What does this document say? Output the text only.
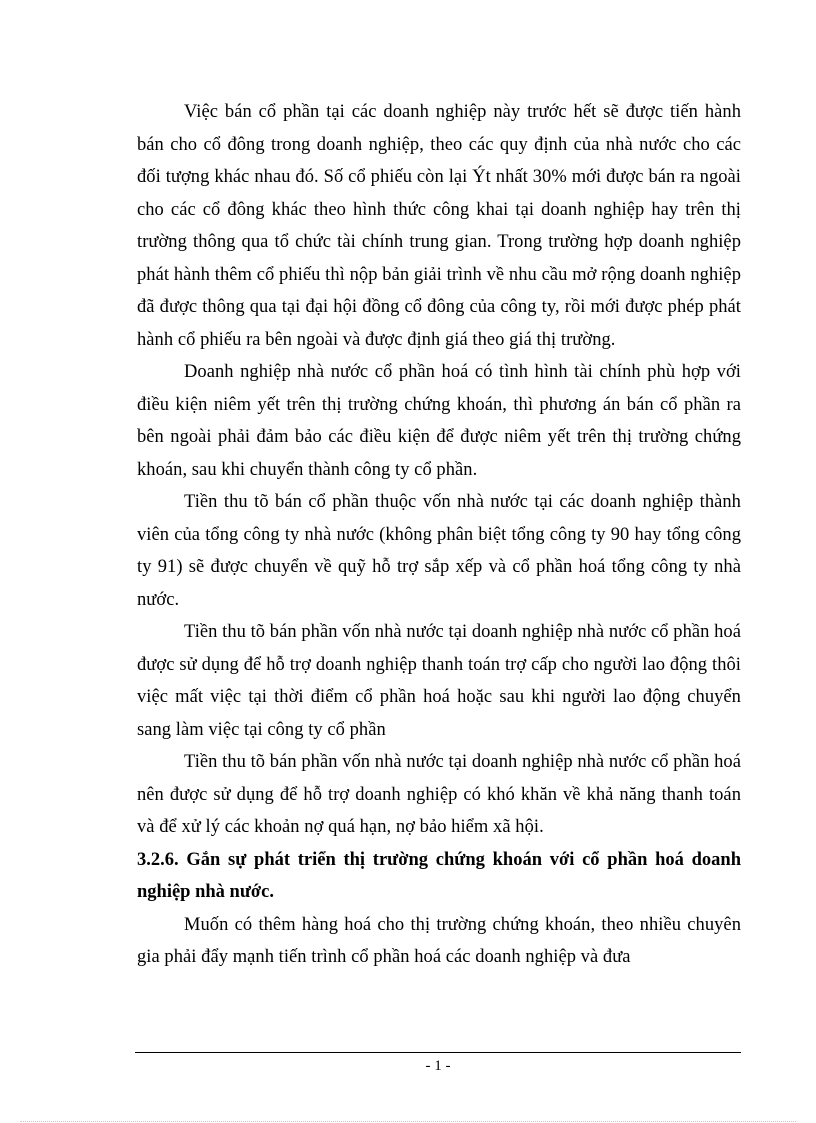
Việc bán cổ phần tại các doanh nghiệp này trước hết sẽ được tiến hành bán cho cổ đông trong doanh nghiệp, theo các quy định của nhà nước cho các đối tượng khác nhau đó. Số cổ phiếu còn lại Ýt nhất 30% mới được bán ra ngoài cho các cổ đông khác theo hình thức công khai tại doanh nghiệp hay trên thị trường thông qua tổ chức tài chính trung gian. Trong trường hợp doanh nghiệp phát hành thêm cổ phiếu thì nộp bản giải trình về nhu cầu mở rộng doanh nghiệp đã được thông qua tại đại hội đồng cổ đông của công ty, rồi mới được phép phát hành cổ phiếu ra bên ngoài và được định giá theo giá thị trường.

Doanh nghiệp nhà nước cổ phần hoá có tình hình tài chính phù hợp với điều kiện niêm yết trên thị trường chứng khoán, thì phương án bán cổ phần ra bên ngoài phải đảm bảo các điều kiện để được niêm yết trên thị trường chứng khoán, sau khi chuyển thành công ty cổ phần.

Tiền thu tõ bán cổ phần thuộc vốn nhà nước tại các doanh nghiệp thành viên của tổng công ty nhà nước (không phân biệt tổng công ty 90 hay tổng công ty 91) sẽ được chuyển về quỹ hỗ trợ sắp xếp và cổ phần hoá tổng công ty nhà nước.

Tiền thu tõ bán phần vốn nhà nước tại doanh nghiệp nhà nước cổ phần hoá được sử dụng để hỗ trợ doanh nghiệp thanh toán trợ cấp cho người lao động thôi việc mất việc tại thời điểm cổ phần hoá hoặc sau khi người lao động chuyển sang làm việc tại công ty cổ phần

Tiền thu tõ bán phần vốn nhà nước tại doanh nghiệp nhà nước cổ phần hoá nên được sử dụng để hỗ trợ doanh nghiệp có khó khăn về khả năng thanh toán và để xử lý các khoản nợ quá hạn, nợ bảo hiểm xã hội.

3.2.6. Gắn sự phát triển thị trường chứng khoán với cổ phần hoá doanh nghiệp nhà nước.

Muốn có thêm hàng hoá cho thị trường chứng khoán, theo nhiều chuyên gia phải đẩy mạnh tiến trình cổ phần hoá các doanh nghiệp và đưa

- 1 -
